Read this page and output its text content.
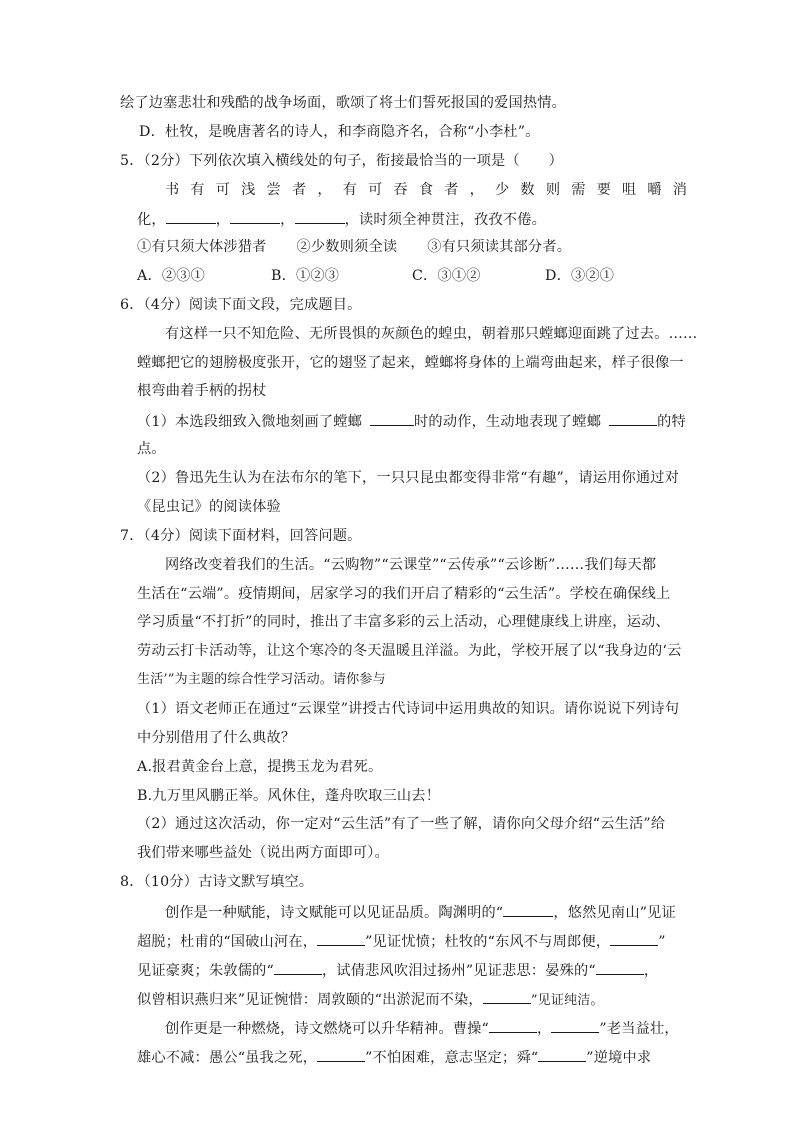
绘了边塞悲壮和残酷的战争场面，歌颂了将士们誓死报国的爱国热情。
D．杜牧，是晚唐著名的诗人，和李商隐齐名，合称“小李杜”。
5．（2分）下列依次填入横线处的句子，衔接最恰当的一项是（　　）
书有可浅尝者，有可吞食者，少数则需要咀嚼消
化，	，	，	，读时须全神贯注，孜孜不倦。
①有只须大体涉猎者 ②少数则须全读 ③有只须读其部分者。
A．②③①	B．①②③	C．③①②	D．③②①
6．（4分）阅读下面文段，完成题目。
有这样一只不知危险、无所畏惧的灰颜色的蝗虫，朝着那只螳螂迎面跳了过去。……
螳螂把它的翅膀极度张开，它的翅竖了起来，螳螂将身体的上端弯曲起来，样子很像一
根弯曲着手柄的拐杖
（1）本选段细致入微地刻画了螳螂	时的动作，生动地表现了螳螂	的特
点。
（2）鲁迅先生认为在法布尔的笔下，一只只昆虫都变得非常“有趣”，请运用你通过对
《昆虫记》的阅读体验
7．（4分）阅读下面材料，回答问题。
网络改变着我们的生活。“云购物”“云课堂”“云传承”“云诊断”……我们每天都
生活在“云端”。疫情期间，居家学习的我们开启了精彩的“云生活”。学校在确保线上
学习质量“不打折”的同时，推出了丰富多彩的云上活动，心理健康线上讲座，运动、
劳动云打卡活动等，让这个寒冷的冬天温暖且洋溢。为此，学校开展了以“我身边的‘云
生活’”为主题的综合性学习活动。请你参与
（1）语文老师正在通过“云课堂”讲授古代诗词中运用典故的知识。请你说说下列诗句
中分别借用了什么典故？
A.报君黄金台上意，提携玉龙为君死。
B.九万里风鹏正举。风休住，蓬舟吹取三山去！
（2）通过这次活动，你一定对“云生活”有了一些了解，请你向父母介绍“云生活”给
我们带来哪些益处（说出两方面即可）。
8．（10分）古诗文默写填空。
创作是一种赋能，诗文赋能可以见证品质。陶渊明的“	，悠然见南山”见证
超脱；杜甫的“国破山河在，	”见证忧愤；杜牧的“东风不与周郎便，	”
见证豪爽；朱敦儒的“	，试倩悲风吹泪过扬州”见证悲思：晏殊的“	，
似曾相识燕归来”见证惋惜：周敦颐的“出淤泥而不染，	”见证纯洁。
创作更是一种燃烧，诗文燃烧可以升华精神。曹操“	，	”老当益壮，
雄心不减：愚公“虽我之死，	”不怕困难，意志坚定；舜“	”逆境中求
